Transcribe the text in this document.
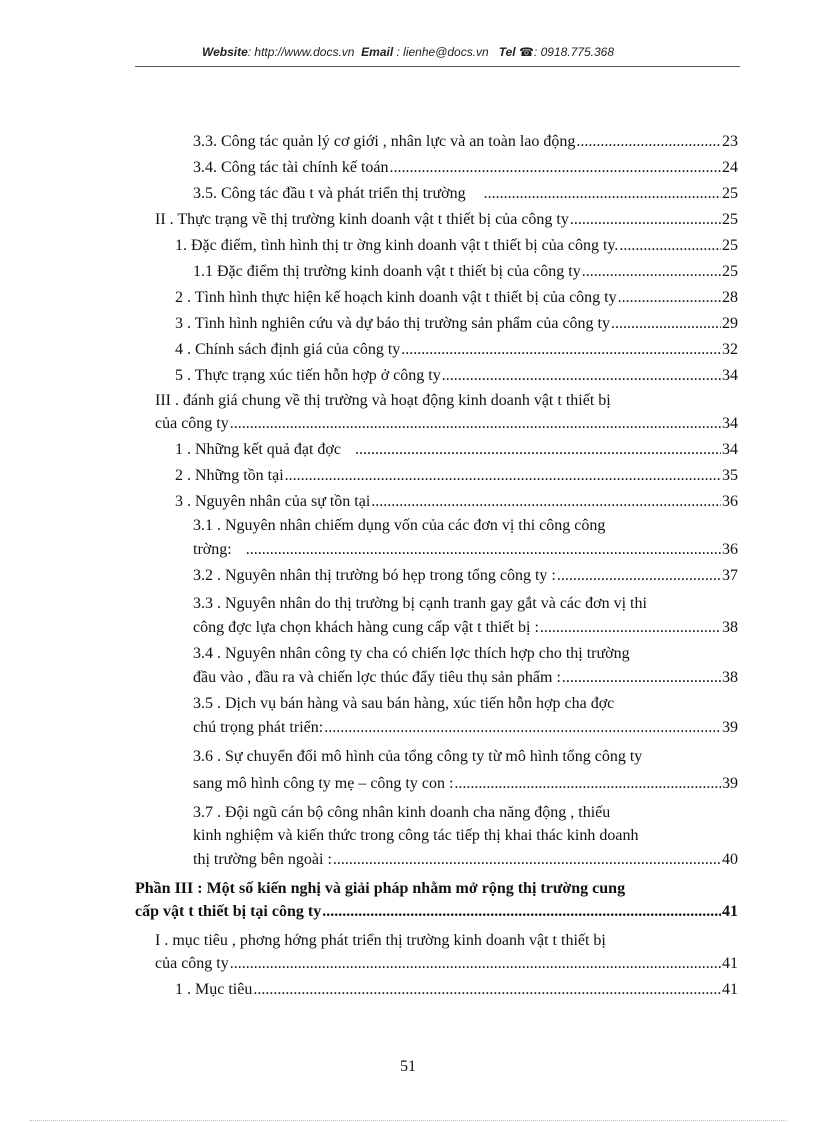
Website: http://www.docs.vn Email : lienhe@docs.vn Tel ☎: 0918.775.368
3.3. Công tác quản lý cơ giới , nhân lực và an toàn lao động .....	23
3.4. Công tác tài chính kế toán .....	24
3.5. Công tác đầu t và phát triển thị trường .....	25
II . Thực trạng về thị trường kinh doanh vật t thiết bị của công ty .....	25
1. Đặc điểm, tình hình thị tr ờng kinh doanh vật t thiết bị của công ty. .....	25
1.1 Đặc điểm thị trường kinh doanh vật t thiết bị của công ty .....	25
2 . Tình hình thực hiện kế hoạch kinh doanh vật t thiết bị của công ty .....	28
3 . Tình hình nghiên cứu và dự báo thị trường sản phẩm của công ty .....	29
4 . Chính sách định giá của công ty .....	32
5 . Thực trạng xúc tiến hỗn hợp ở công ty .....	34
III . đánh giá chung về thị trường và hoạt động kinh doanh vật t thiết bị
của công ty .....	34
1 . Những kết quả đạt đợc .....	34
2 . Những tồn tại .....	35
3 . Nguyên nhân của sự tồn tại .....	36
3.1 . Nguyên nhân chiếm dụng vốn của các đơn vị thi công công
trờng: .....	36
3.2 . Nguyên nhân thị trường bó hẹp trong tổng công ty : .....	37
3.3 . Nguyên nhân do thị trường bị cạnh tranh gay gắt và các đơn vị thi
công đợc lựa chọn khách hàng cung cấp vật t thiết bị : .....	38
3.4 . Nguyên nhân công ty cha có chiến lợc thích hợp cho thị trường
đầu vào , đầu ra và chiến lợc thúc đẩy tiêu thụ sản phẩm : .....	38
3.5 . Dịch vụ bán hàng và sau bán hàng, xúc tiến hỗn hợp cha đợc
chú trọng phát triển: .....	39
3.6 . Sự chuyển đổi mô hình của tổng công ty từ mô hình tổng công ty
sang mô hình công ty mẹ – công ty con : .....	39
3.7 . Đội ngũ cán bộ công nhân kinh doanh cha năng động , thiếu
kinh nghiệm và kiến thức trong công tác tiếp thị khai thác kinh doanh
thị trường bên ngoài : .....	40
Phần III : Một số kiến nghị và giải pháp nhằm mở rộng thị trường cung
cấp vật t thiết bị tại công ty .....	41
I . mục tiêu , phơng hớng phát triển thị trường kinh doanh vật t thiết bị
của công ty .....	41
1 . Mục tiêu .....	41
51
